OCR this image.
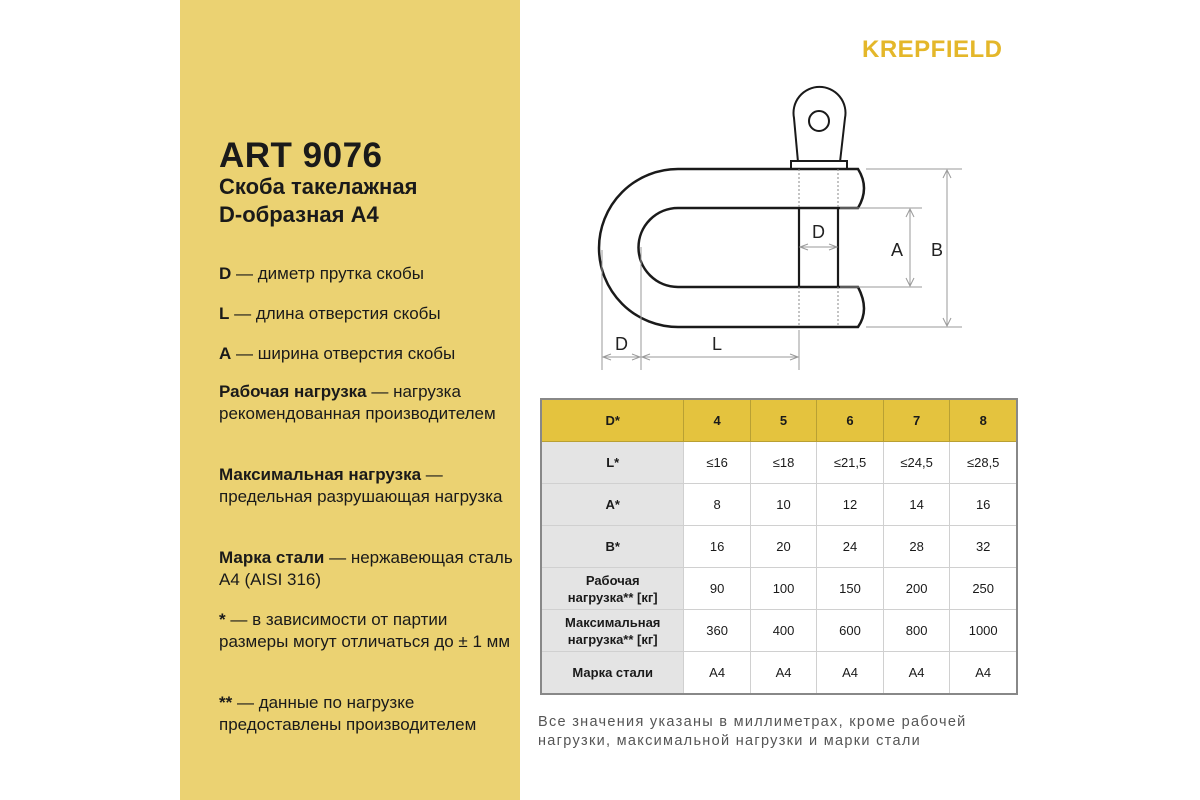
ART 9076
Скоба такелажная
D-образная А4
D — диметр прутка скобы
L — длина отверстия скобы
A — ширина отверстия скобы
Рабочая нагрузка — нагрузка рекомендованная производителем
Максимальная нагрузка — предельная разрушающая нагрузка
Марка стали — нержавеющая сталь А4 (AISI 316)
* — в зависимости от партии размеры могут отличаться до ± 1 мм
** — данные по нагрузке предоставлены производителем
KREPFIELD
D
A B
D	L
D*	4	5	6	7	8
L*	≤16	≤18	≤21,5	≤24,5	≤28,5
A*	8	10	12	14	16
B*	16	20	24	28	32

Рабочая
нагрузка** [кг]	90	100	150	200	250

Максимальная
нагрузка** [кг]	360	400	600	800	1000
Марка стали	А4	А4	А4	А4	А4
Все значения указаны в миллиметрах, кроме рабочей
нагрузки, максимальной нагрузки и марки стали
